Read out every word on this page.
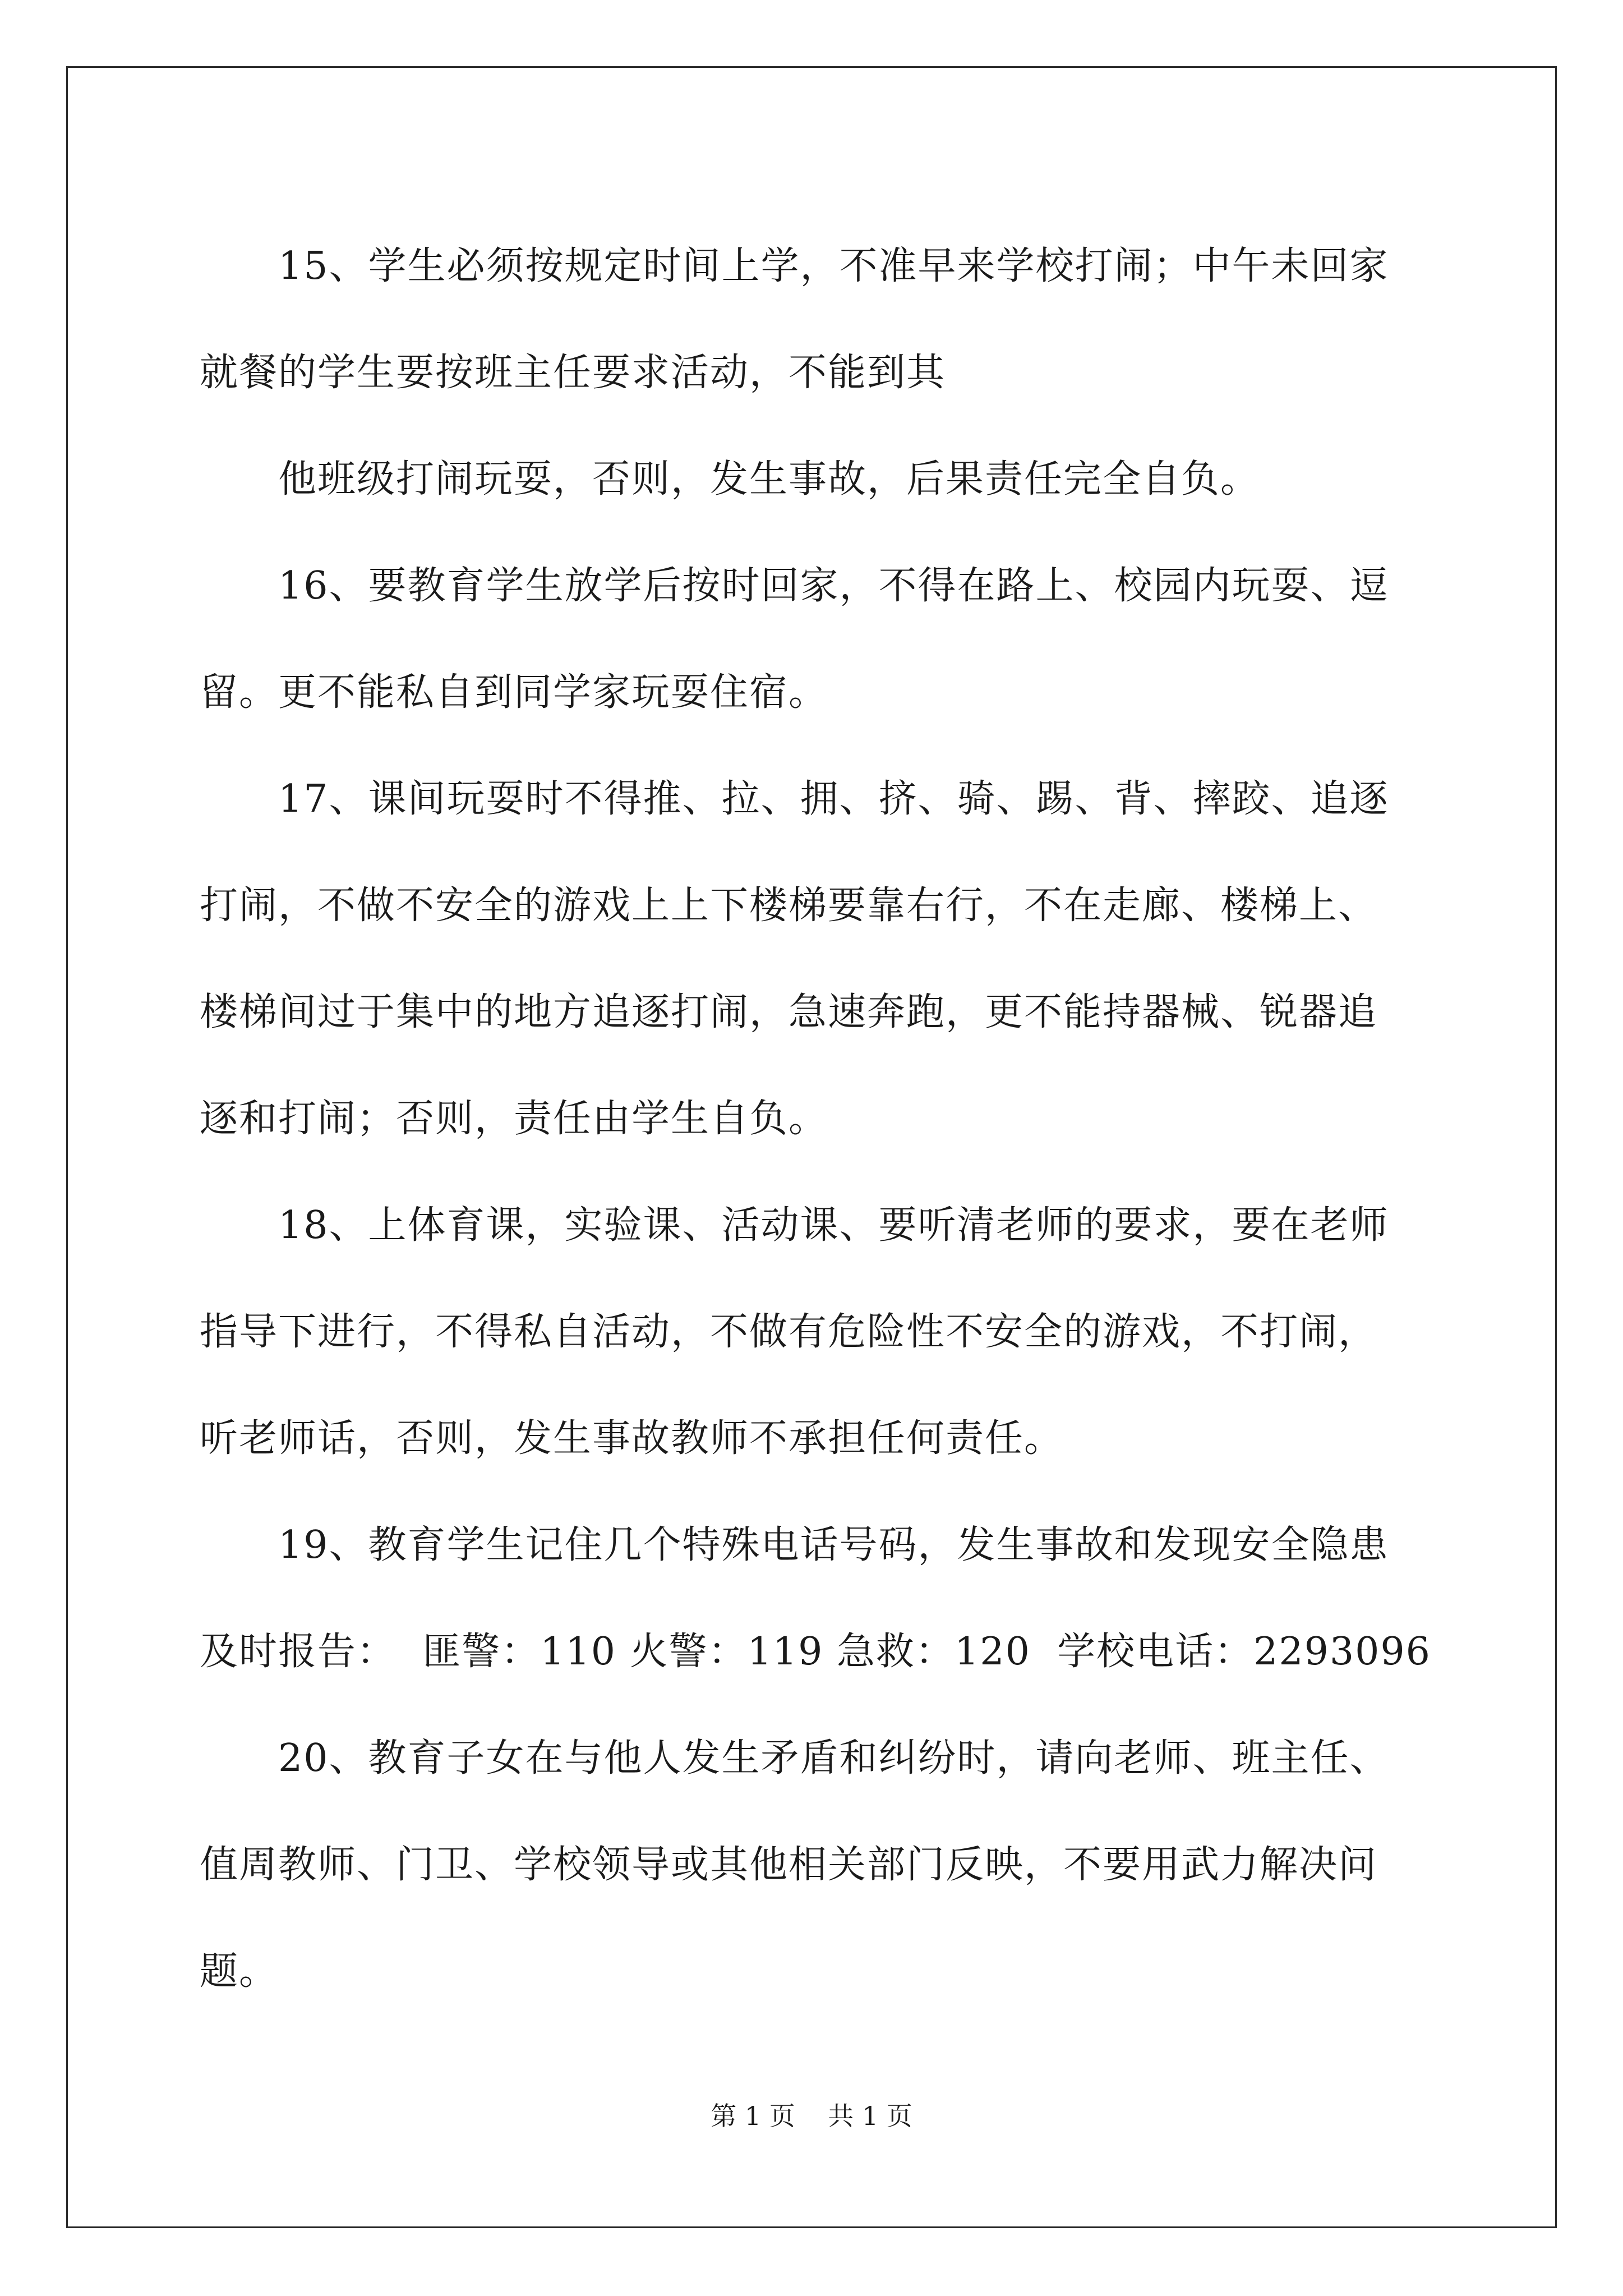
15、学生必须按规定时间上学，不准早来学校打闹；中午未回家
就餐的学生要按班主任要求活动，不能到其
他班级打闹玩耍，否则，发生事故，后果责任完全自负。
16、要教育学生放学后按时回家，不得在路上、校园内玩耍、逗
留。更不能私自到同学家玩耍住宿。
17、课间玩耍时不得推、拉、拥、挤、骑、踢、背、摔跤、追逐
打闹，不做不安全的游戏上上下楼梯要靠右行，不在走廊、楼梯上、
楼梯间过于集中的地方追逐打闹，急速奔跑，更不能持器械、锐器追
逐和打闹；否则，责任由学生自负。
18、上体育课，实验课、活动课、要听清老师的要求，要在老师
指导下进行，不得私自活动，不做有危险性不安全的游戏，不打闹，
听老师话，否则，发生事故教师不承担任何责任。
19、教育学生记住几个特殊电话号码，发生事故和发现安全隐患
及时报告：  匪警：110 火警：119 急救：120  学校电话：2293096
20、教育子女在与他人发生矛盾和纠纷时，请向老师、班主任、
值周教师、门卫、学校领导或其他相关部门反映，不要用武力解决问
题。
第 1 页    共 1 页
